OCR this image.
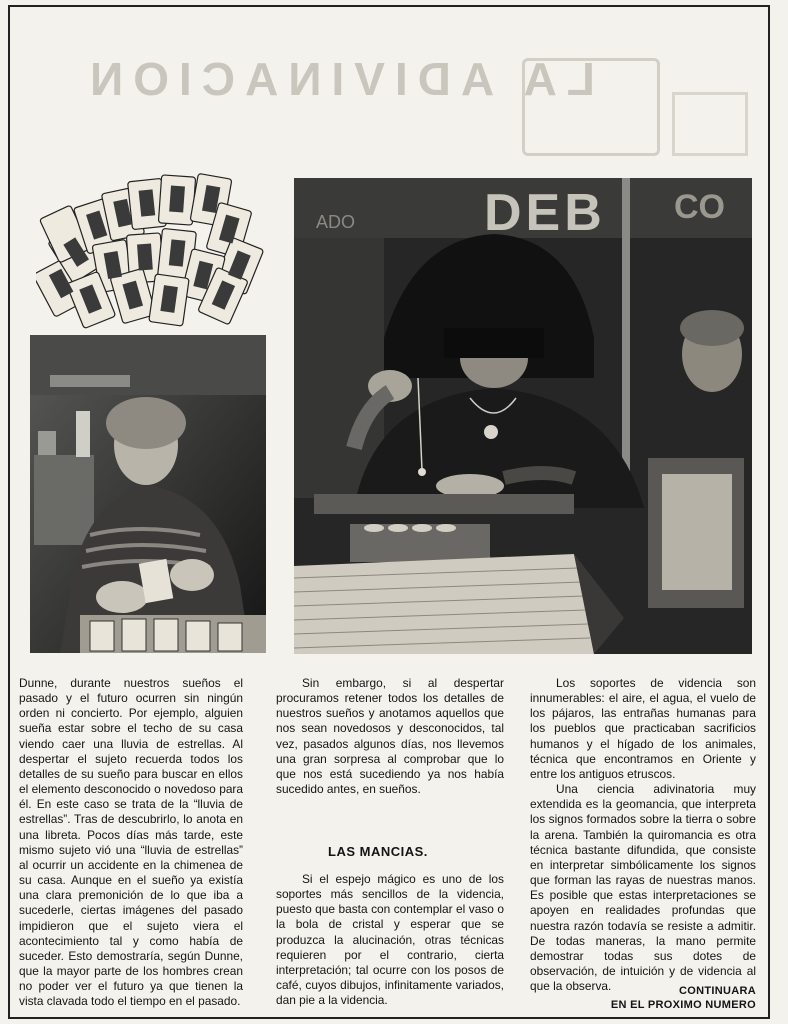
LA ADIVINACION
DEB CO
ADO

Dunne, durante nuestros sueños el pasado y el futuro ocurren sin ningún orden ni concierto. Por ejemplo, alguien sueña estar sobre el techo de su casa viendo caer una lluvia de estrellas. Al despertar el sujeto recuerda todos los detalles de su sueño para buscar en ellos el elemento desconocido o novedoso para él. En este caso se trata de la “lluvia de estrellas”. Tras de descubrirlo, lo anota en una libreta. Pocos días más tarde, este mismo sujeto vió una “lluvia de estrellas” al ocurrir un accidente en la chimenea de su casa. Aunque en el sueño ya existía una clara premonición de lo que iba a sucederle, ciertas imágenes del pasado impidieron que el sujeto viera el acontecimiento tal y como había de suceder. Esto demostraría, según Dunne, que la mayor parte de los hombres crean no poder ver el futuro ya que tienen la vista clavada todo el tiempo en el pasado.

Sin embargo, si al despertar procuramos retener todos los detalles de nuestros sueños y anotamos aquellos que nos sean novedosos y desconocidos, tal vez, pasados algunos días, nos llevemos una gran sorpresa al comprobar que lo que nos está sucediendo ya nos había sucedido antes, en sueños.

LAS MANCIAS.

Si el espejo mágico es uno de los soportes más sencillos de la videncia, puesto que basta con contemplar el vaso o la bola de cristal y esperar que se produzca la alucinación, otras técnicas requieren por el contrario, cierta interpretación; tal ocurre con los posos de café, cuyos dibujos, infinitamente variados, dan pie a la videncia.

Los soportes de videncia son innumerables: el aire, el agua, el vuelo de los pájaros, las entrañas humanas para los pueblos que practicaban sacrificios humanos y el hígado de los animales, técnica que encontramos en Oriente y entre los antiguos etruscos.

Una ciencia adivinatoria muy extendida es la geomancia, que interpreta los signos formados sobre la tierra o sobre la arena. También la quiromancia es otra técnica bastante difundida, que consiste en interpretar simbólicamente los signos que forman las rayas de nuestras manos. Es posible que estas interpretaciones se apoyen en realidades profundas que nuestra razón todavía se resiste a admitir. De todas maneras, la mano permite demostrar todas sus dotes de observación, de intuición y de videncia al que la observa.	CONTINUARA
EN EL PROXIMO NUMERO
